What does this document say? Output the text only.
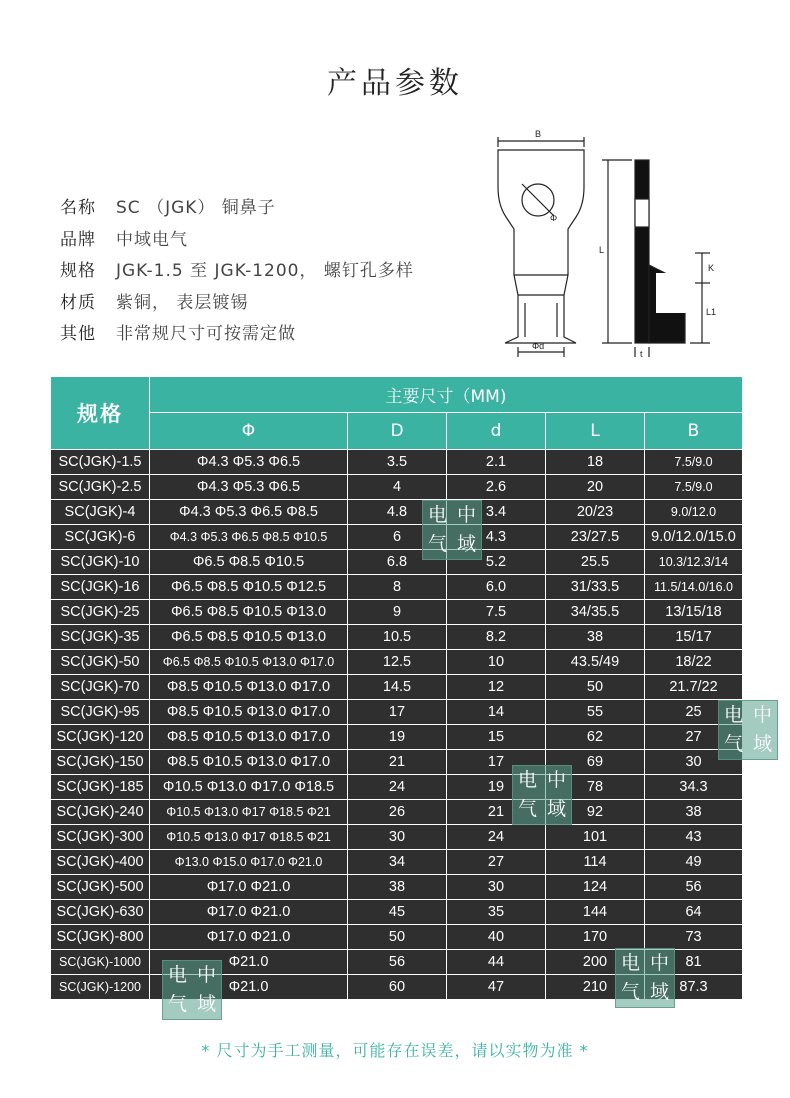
产品参数
名称	SC （JGK） 铜鼻子
品牌	中域电气
规格	JGK-1.5 至 JGK-1200， 螺钉孔多样
材质	紫铜， 表层镀锡
其他	非常规尺寸可按需定做
B
Φ
L
K
L1
Φd
t
规格	主要尺寸（MM)				
	Φ	D	d	L	B
SC(JGK)-1.5	Φ4.3 Φ5.3 Φ6.5	3.5	2.1	18	7.5/9.0
SC(JGK)-2.5	Φ4.3 Φ5.3 Φ6.5	4	2.6	20	7.5/9.0
SC(JGK)-4	Φ4.3 Φ5.3 Φ6.5 Φ8.5	4.8	3.4	20/23	9.0/12.0
SC(JGK)-6	Φ4.3 Φ5.3 Φ6.5 Φ8.5 Φ10.5	6	4.3	23/27.5	9.0/12.0/15.0
SC(JGK)-10	Φ6.5 Φ8.5 Φ10.5	6.8	5.2	25.5	10.3/12.3/14
SC(JGK)-16	Φ6.5 Φ8.5 Φ10.5 Φ12.5	8	6.0	31/33.5	11.5/14.0/16.0
SC(JGK)-25	Φ6.5 Φ8.5 Φ10.5 Φ13.0	9	7.5	34/35.5	13/15/18
SC(JGK)-35	Φ6.5 Φ8.5 Φ10.5 Φ13.0	10.5	8.2	38	15/17
SC(JGK)-50	Φ6.5 Φ8.5 Φ10.5 Φ13.0 Φ17.0	12.5	10	43.5/49	18/22
SC(JGK)-70	Φ8.5 Φ10.5 Φ13.0 Φ17.0	14.5	12	50	21.7/22
SC(JGK)-95	Φ8.5 Φ10.5 Φ13.0 Φ17.0	17	14	55	25
SC(JGK)-120	Φ8.5 Φ10.5 Φ13.0 Φ17.0	19	15	62	27
SC(JGK)-150	Φ8.5 Φ10.5 Φ13.0 Φ17.0	21	17	69	30
SC(JGK)-185	Φ10.5 Φ13.0 Φ17.0 Φ18.5	24	19	78	34.3
SC(JGK)-240	Φ10.5 Φ13.0 Φ17 Φ18.5 Φ21	26	21	92	38
SC(JGK)-300	Φ10.5 Φ13.0 Φ17 Φ18.5 Φ21	30	24	101	43
SC(JGK)-400	Φ13.0 Φ15.0 Φ17.0 Φ21.0	34	27	114	49
SC(JGK)-500	Φ17.0 Φ21.0	38	30	124	56
SC(JGK)-630	Φ17.0 Φ21.0	45	35	144	64
SC(JGK)-800	Φ17.0 Φ21.0	50	40	170	73
SC(JGK)-1000	Φ21.0	56	44	200	81
SC(JGK)-1200	Φ21.0	60	47	210	87.3
电 中
气 域
电 中
气 域
电 中
气 域
电 中
气 域
电 中
气 域
* 尺寸为手工测量，可能存在误差，请以实物为准 *
